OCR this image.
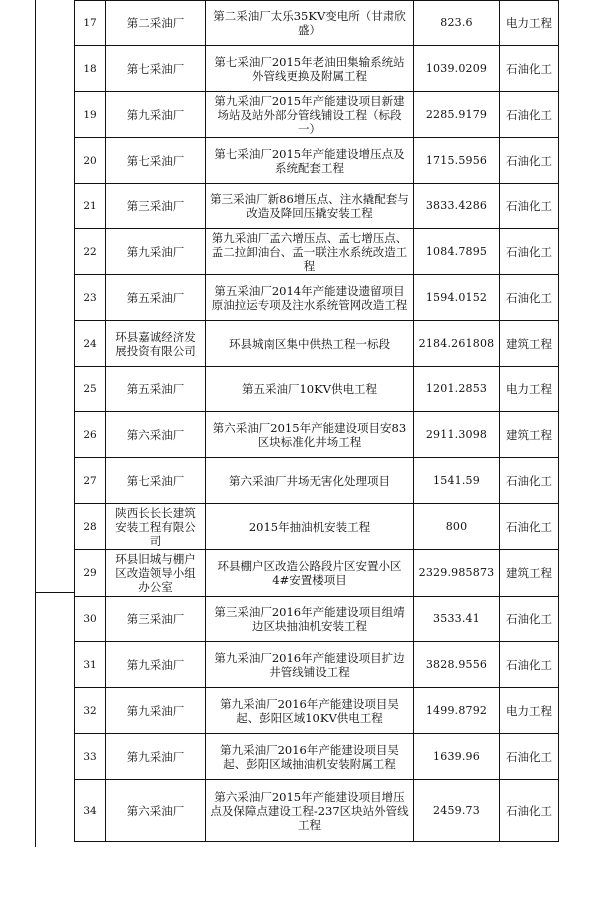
17	第二采油厂	第二采油厂太乐35KV变电所（甘肃欣盛）	823.6	电力工程
18	第七采油厂	第七采油厂2015年老油田集输系统站外管线更换及附属工程	1039.0209	石油化工
19	第九采油厂	第九采油厂2015年产能建设项目新建场站及站外部分管线铺设工程（标段一）	2285.9179	石油化工
20	第七采油厂	第七采油厂2015年产能建设增压点及系统配套工程	1715.5956	石油化工
21	第三采油厂	第三采油厂新86增压点、注水撬配套与改造及降回压撬安装工程	3833.4286	石油化工
22	第九采油厂	第九采油厂孟六增压点、孟七增压点、孟二拉卸油台、孟一联注水系统改造工程	1084.7895	石油化工
23	第五采油厂	第五采油厂2014年产能建设遗留项目原油拉运专项及注水系统管网改造工程	1594.0152	石油化工
24	环县嘉诚经济发展投资有限公司	环县城南区集中供热工程一标段	2184.261808	建筑工程
25	第五采油厂	第五采油厂10KV供电工程	1201.2853	电力工程
26	第六采油厂	第六采油厂2015年产能建设项目安83区块标准化井场工程	2911.3098	建筑工程
27	第七采油厂	第六采油厂井场无害化处理项目	1541.59	石油化工
28	陕西长长长建筑安装工程有限公司	2015年抽油机安装工程	800	石油化工
29	环县旧城与棚户区改造领导小组办公室	环县棚户区改造公路段片区安置小区4#安置楼项目	2329.985873	建筑工程
30	第三采油厂	第三采油厂2016年产能建设项目组靖边区块抽油机安装工程	3533.41	石油化工
31	第九采油厂	第九采油厂2016年产能建设项目扩边井管线铺设工程	3828.9556	石油化工
32	第九采油厂	第九采油厂2016年产能建设项目吴起、彭阳区域10KV供电工程	1499.8792	电力工程
33	第九采油厂	第九采油厂2016年产能建设项目吴起、彭阳区域抽油机安装附属工程	1639.96	石油化工
34	第六采油厂	第六采油厂2015年产能建设项目增压点及保障点建设工程-237区块站外管线工程	2459.73	石油化工
